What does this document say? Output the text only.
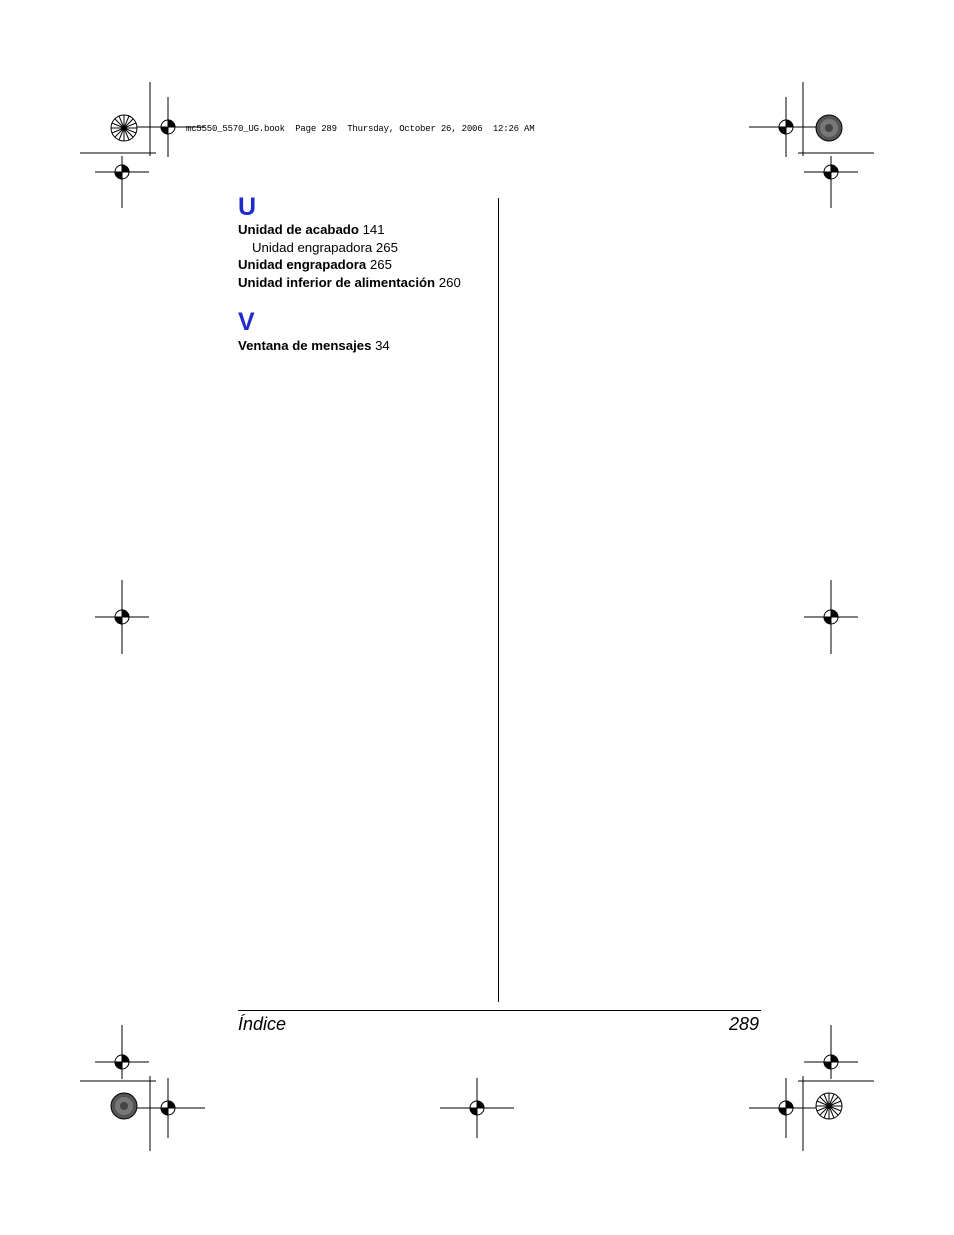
mc5550_5570_UG.book  Page 289  Thursday, October 26, 2006  12:26 AM
U
Unidad de acabado 141
Unidad engrapadora 265
Unidad engrapadora 265
Unidad inferior de alimentación 260
V
Ventana de mensajes 34
Índice	289
